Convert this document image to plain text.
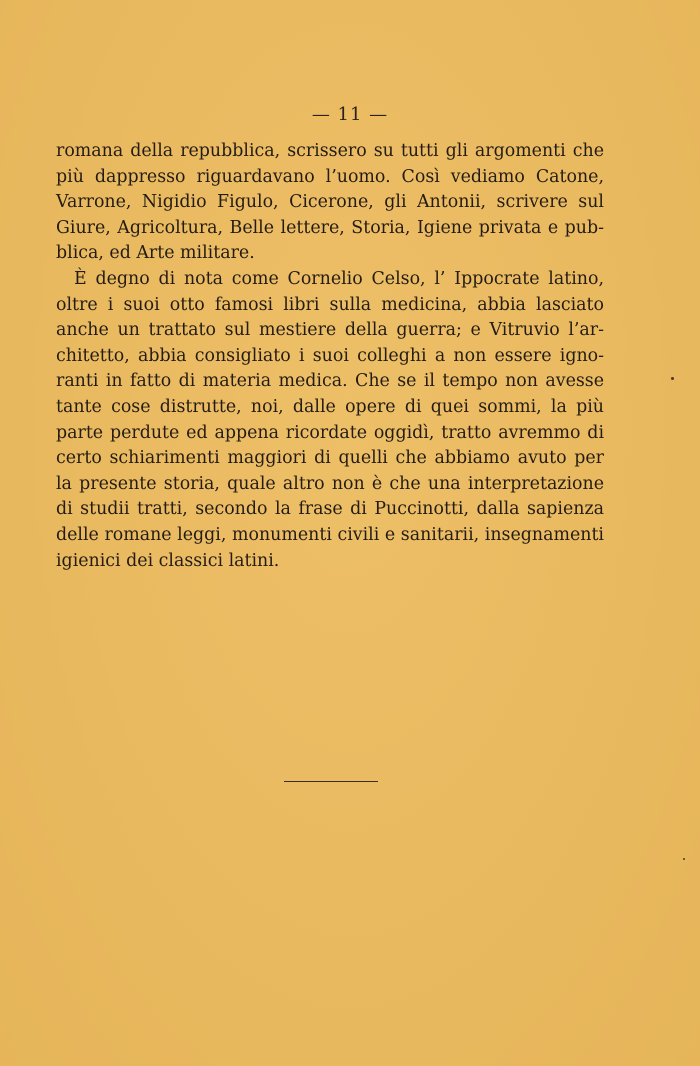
— 11 —
romana della repubblica, scrissero su tutti gli argomenti che
più dappresso riguardavano l’uomo. Così vediamo Catone,
Varrone, Nigidio Figulo, Cicerone, gli Antonii, scrivere sul
Giure, Agricoltura, Belle lettere, Storia, Igiene privata e pub-
blica, ed Arte militare.
È degno di nota come Cornelio Celso, l’ Ippocrate latino,
oltre i suoi otto famosi libri sulla medicina, abbia lasciato
anche un trattato sul mestiere della guerra; e Vitruvio l’ar-
chitetto, abbia consigliato i suoi colleghi a non essere igno-
ranti in fatto di materia medica. Che se il tempo non avesse
tante cose distrutte, noi, dalle opere di quei sommi, la più
parte perdute ed appena ricordate oggidì, tratto avremmo di
certo schiarimenti maggiori di quelli che abbiamo avuto per
la presente storia, quale altro non è che una interpretazione
di studii tratti, secondo la frase di Puccinotti, dalla sapienza
delle romane leggi, monumenti civili e sanitarii, insegnamenti
igienici dei classici latini.
